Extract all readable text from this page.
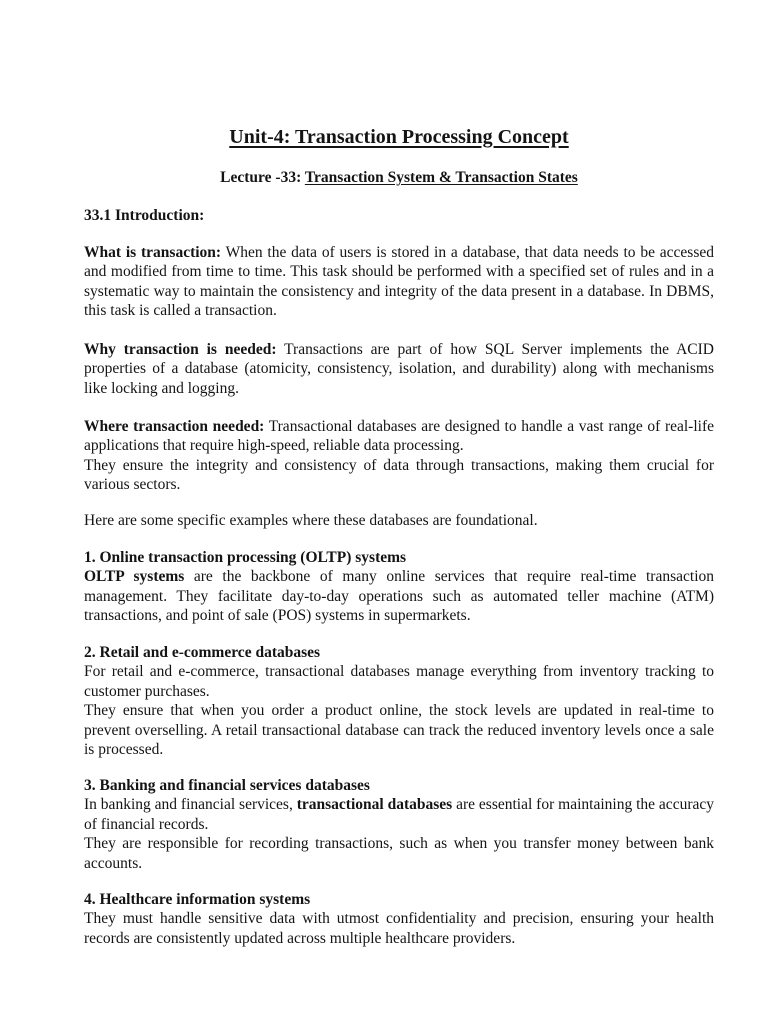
Unit-4: Transaction Processing Concept

Lecture -33: Transaction System & Transaction States

33.1 Introduction:

What is transaction: When the data of users is stored in a database, that data needs to be accessed and modified from time to time. This task should be performed with a specified set of rules and in a systematic way to maintain the consistency and integrity of the data present in a database. In DBMS, this task is called a transaction.

Why transaction is needed: Transactions are part of how SQL Server implements the ACID properties of a database (atomicity, consistency, isolation, and durability) along with mechanisms like locking and logging.

Where transaction needed: Transactional databases are designed to handle a vast range of real-life applications that require high-speed, reliable data processing.
They ensure the integrity and consistency of data through transactions, making them crucial for various sectors.

Here are some specific examples where these databases are foundational.

1. Online transaction processing (OLTP) systems
OLTP systems are the backbone of many online services that require real-time transaction management. They facilitate day-to-day operations such as automated teller machine (ATM) transactions, and point of sale (POS) systems in supermarkets.

2. Retail and e-commerce databases
For retail and e-commerce, transactional databases manage everything from inventory tracking to customer purchases.
They ensure that when you order a product online, the stock levels are updated in real-time to prevent overselling. A retail transactional database can track the reduced inventory levels once a sale is processed.

3. Banking and financial services databases
In banking and financial services, transactional databases are essential for maintaining the accuracy of financial records.
They are responsible for recording transactions, such as when you transfer money between bank accounts.

4. Healthcare information systems
They must handle sensitive data with utmost confidentiality and precision, ensuring your health records are consistently updated across multiple healthcare providers.
